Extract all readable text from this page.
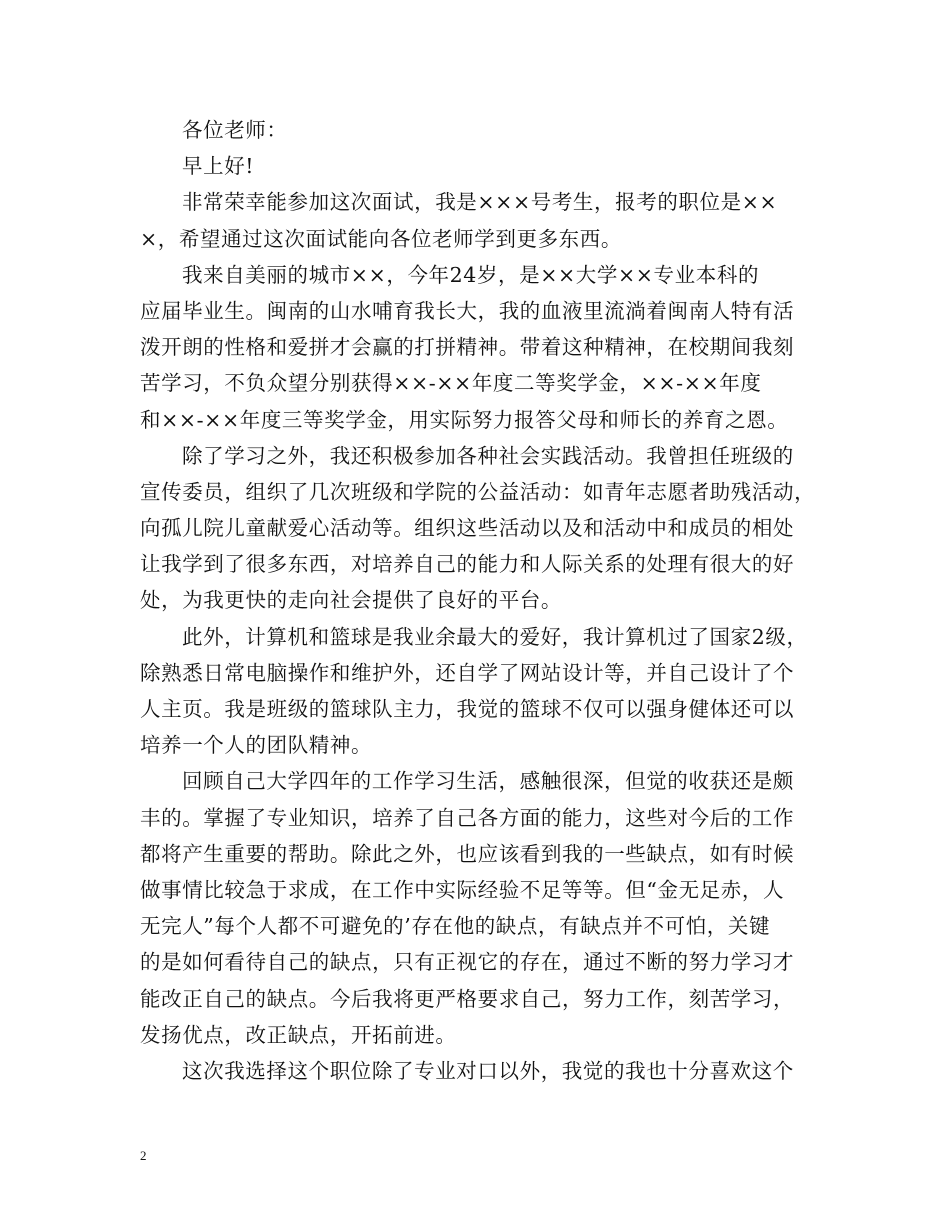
各位老师：
早上好!
非常荣幸能参加这次面试，我是×××号考生，报考的职位是××
×，希望通过这次面试能向各位老师学到更多东西。
我来自美丽的城市××，今年24岁，是××大学××专业本科的
应届毕业生。闽南的山水哺育我长大，我的血液里流淌着闽南人特有活
泼开朗的性格和爱拼才会赢的打拼精神。带着这种精神，在校期间我刻
苦学习，不负众望分别获得××-××年度二等奖学金，××-××年度
和××-××年度三等奖学金，用实际努力报答父母和师长的养育之恩。
除了学习之外，我还积极参加各种社会实践活动。我曾担任班级的
宣传委员，组织了几次班级和学院的公益活动：如青年志愿者助残活动，
向孤儿院儿童献爱心活动等。组织这些活动以及和活动中和成员的相处
让我学到了很多东西，对培养自己的能力和人际关系的处理有很大的好
处，为我更快的走向社会提供了良好的平台。
此外，计算机和篮球是我业余最大的爱好，我计算机过了国家2级，
除熟悉日常电脑操作和维护外，还自学了网站设计等，并自己设计了个
人主页。我是班级的篮球队主力，我觉的篮球不仅可以强身健体还可以
培养一个人的团队精神。
回顾自己大学四年的工作学习生活，感触很深，但觉的收获还是颇
丰的。掌握了专业知识，培养了自己各方面的能力，这些对今后的工作
都将产生重要的帮助。除此之外，也应该看到我的一些缺点，如有时候
做事情比较急于求成，在工作中实际经验不足等等。但“金无足赤，人
无完人”每个人都不可避免的’存在他的缺点，有缺点并不可怕，关键
的是如何看待自己的缺点，只有正视它的存在，通过不断的努力学习才
能改正自己的缺点。今后我将更严格要求自己，努力工作，刻苦学习，
发扬优点，改正缺点，开拓前进。
这次我选择这个职位除了专业对口以外，我觉的我也十分喜欢这个
2
